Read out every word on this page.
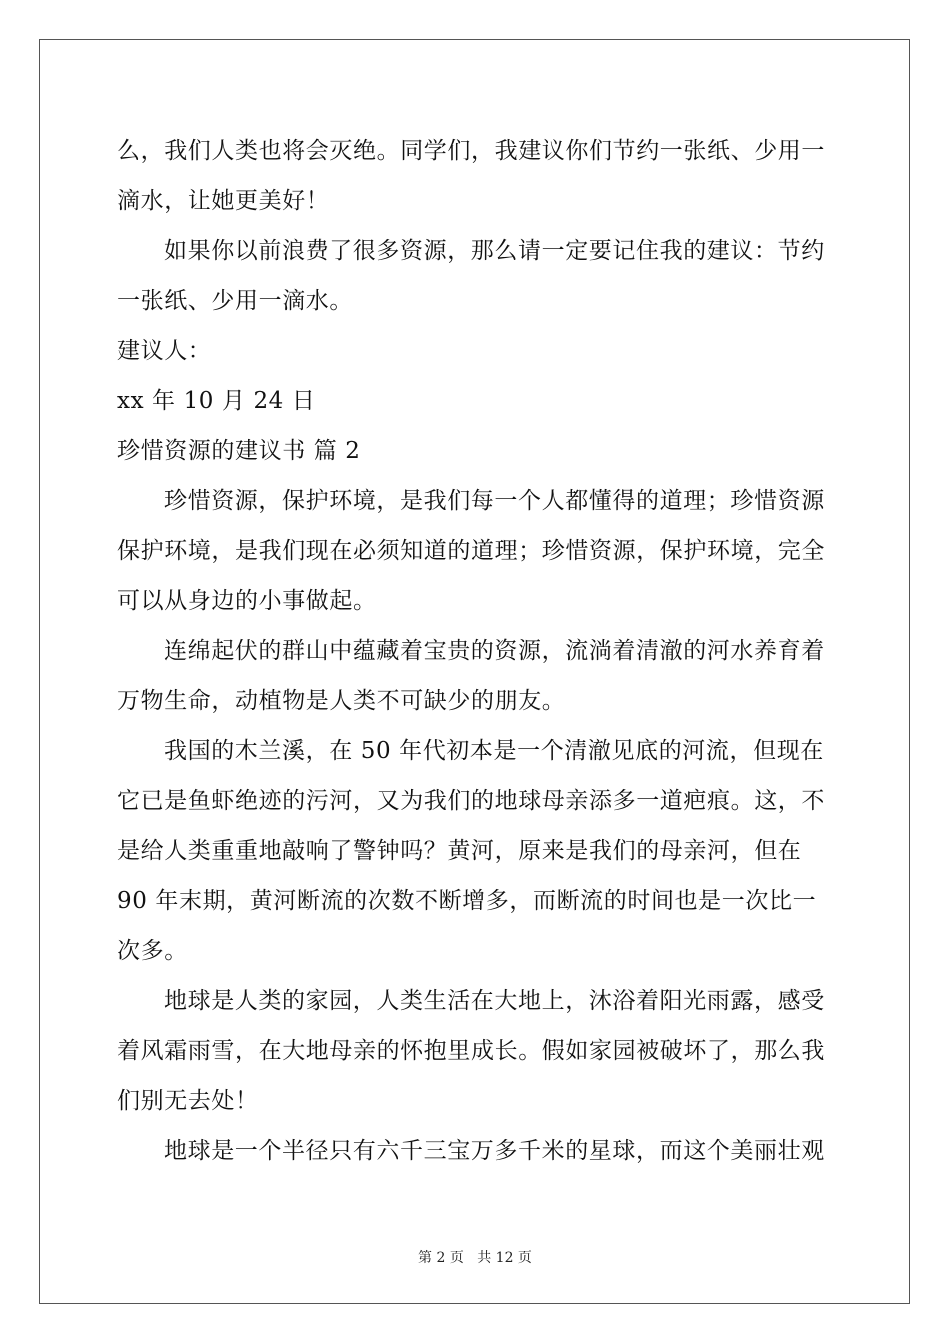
么，我们人类也将会灭绝。同学们，我建议你们节约一张纸、少用一
滴水，让她更美好！
如果你以前浪费了很多资源，那么请一定要记住我的建议：节约
一张纸、少用一滴水。
建议人：
xx 年 10 月 24 日
珍惜资源的建议书 篇 2
珍惜资源，保护环境，是我们每一个人都懂得的道理；珍惜资源
保护环境，是我们现在必须知道的道理；珍惜资源，保护环境，完全
可以从身边的小事做起。
连绵起伏的群山中蕴藏着宝贵的资源，流淌着清澈的河水养育着
万物生命，动植物是人类不可缺少的朋友。
我国的木兰溪，在 50 年代初本是一个清澈见底的河流，但现在
它已是鱼虾绝迹的污河，又为我们的地球母亲添多一道疤痕。这，不
是给人类重重地敲响了警钟吗？黄河，原来是我们的母亲河，但在
90 年末期，黄河断流的次数不断增多，而断流的时间也是一次比一
次多。
地球是人类的家园，人类生活在大地上，沐浴着阳光雨露，感受
着风霜雨雪，在大地母亲的怀抱里成长。假如家园被破坏了，那么我
们别无去处！
地球是一个半径只有六千三宝万多千米的星球，而这个美丽壮观
第 2 页 共 12 页
